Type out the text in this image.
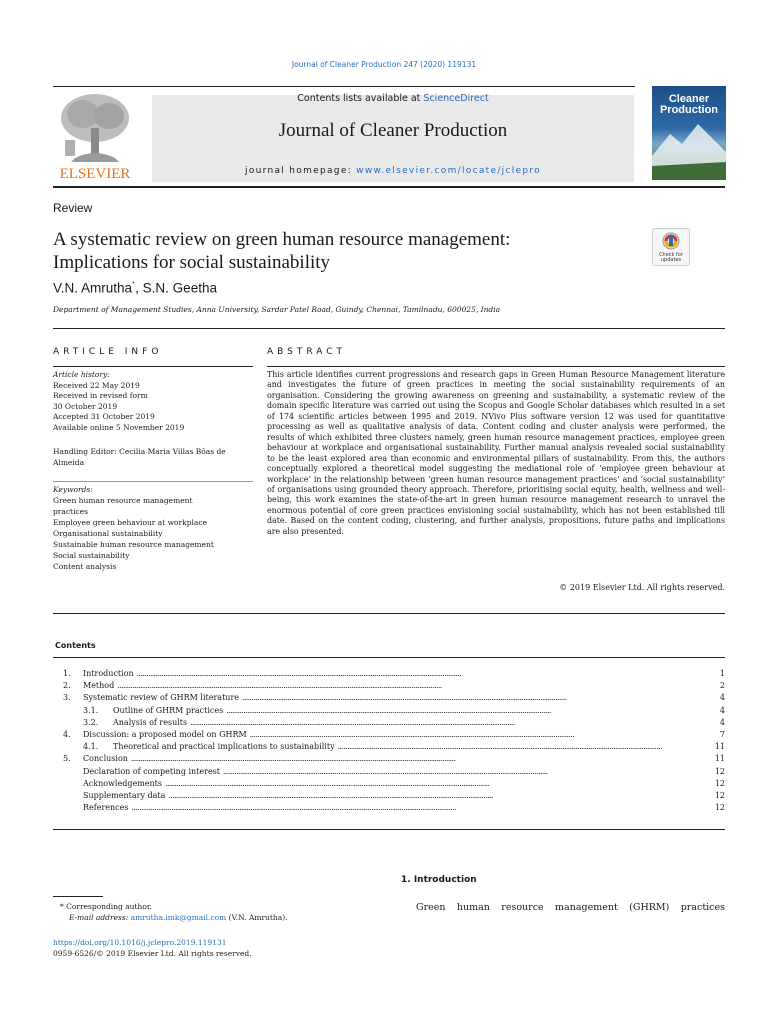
Journal of Cleaner Production 247 (2020) 119131
Contents lists available at ScienceDirect
Journal of Cleaner Production
journal homepage: www.elsevier.com/locate/jclepro
ELSEVIER
Cleaner
Production
Review
A systematic review on green human resource management:
Implications for social sustainability	Check for updates
V.N. Amrutha*, S.N. Geetha
Department of Management Studies, Anna University, Sardar Patel Road, Guindy, Chennai, Tamilnadu, 600025, India
ARTICLE INFO	ABSTRACT
Article history:
Received 22 May 2019
Received in revised form
30 October 2019
Accepted 31 October 2019
Available online 5 November 2019
Handling Editor: Cecilia Maria Villas Bôas de
Almeida
Keywords:
Green human resource management
practices
Employee green behaviour at workplace
Organisational sustainability
Sustainable human resource management
Social sustainability
Content analysis
This article identifies current progressions and research gaps in Green Human Resource Management literature and investigates the future of green practices in meeting the social sustainability requirements of an organisation. Considering the growing awareness on greening and sustainability, a systematic review of the domain specific literature was carried out using the Scopus and Google Scholar databases which resulted in a set of 174 scientific articles between 1995 and 2019. NVivo Plus software version 12 was used for quantitative processing as well as qualitative analysis of data. Content coding and cluster analysis were performed, the results of which exhibited three clusters namely, green human resource management practices, employee green behaviour at workplace and organisational sustainability. Further manual analysis revealed social sustainability to be the least explored area than economic and environmental pillars of sustainability. From this, the authors conceptually explored a theoretical model suggesting the mediational role of ‘employee green behaviour at workplace’ in the relationship between ‘green human resource management practices’ and ‘social sustainability’ of organisations using grounded theory approach. Therefore, prioritising social equity, health, wellness and well-being, this work examines the state-of-the-art in green human resource management research to unravel the enormous potential of core green practices envisioning social sustainability, which has not been established till date. Based on the content coding, clustering, and further analysis, propositions, future paths and implications are also presented.
© 2019 Elsevier Ltd. All rights reserved.
Contents
1.	Introduction . . .	1
2.	Method . . .	2
3.	Systematic review of GHRM literature . . .	4
3.1.	Outline of GHRM practices . . .	4
3.2.	Analysis of results . . .	4
4.	Discussion: a proposed model on GHRM . . .	7
4.1.	Theoretical and practical implications to sustainability . . .	11
5.	Conclusion . . .	11
Declaration of competing interest . . .	12
Acknowledgements . . .	12
Supplementary data . . .	12
References . . .	12
1. Introduction
Green human resource management (GHRM) practices
* Corresponding author.
E-mail address: amrutha.imk@gmail.com (V.N. Amrutha).
https://doi.org/10.1016/j.jclepro.2019.119131
0959-6526/© 2019 Elsevier Ltd. All rights reserved.
